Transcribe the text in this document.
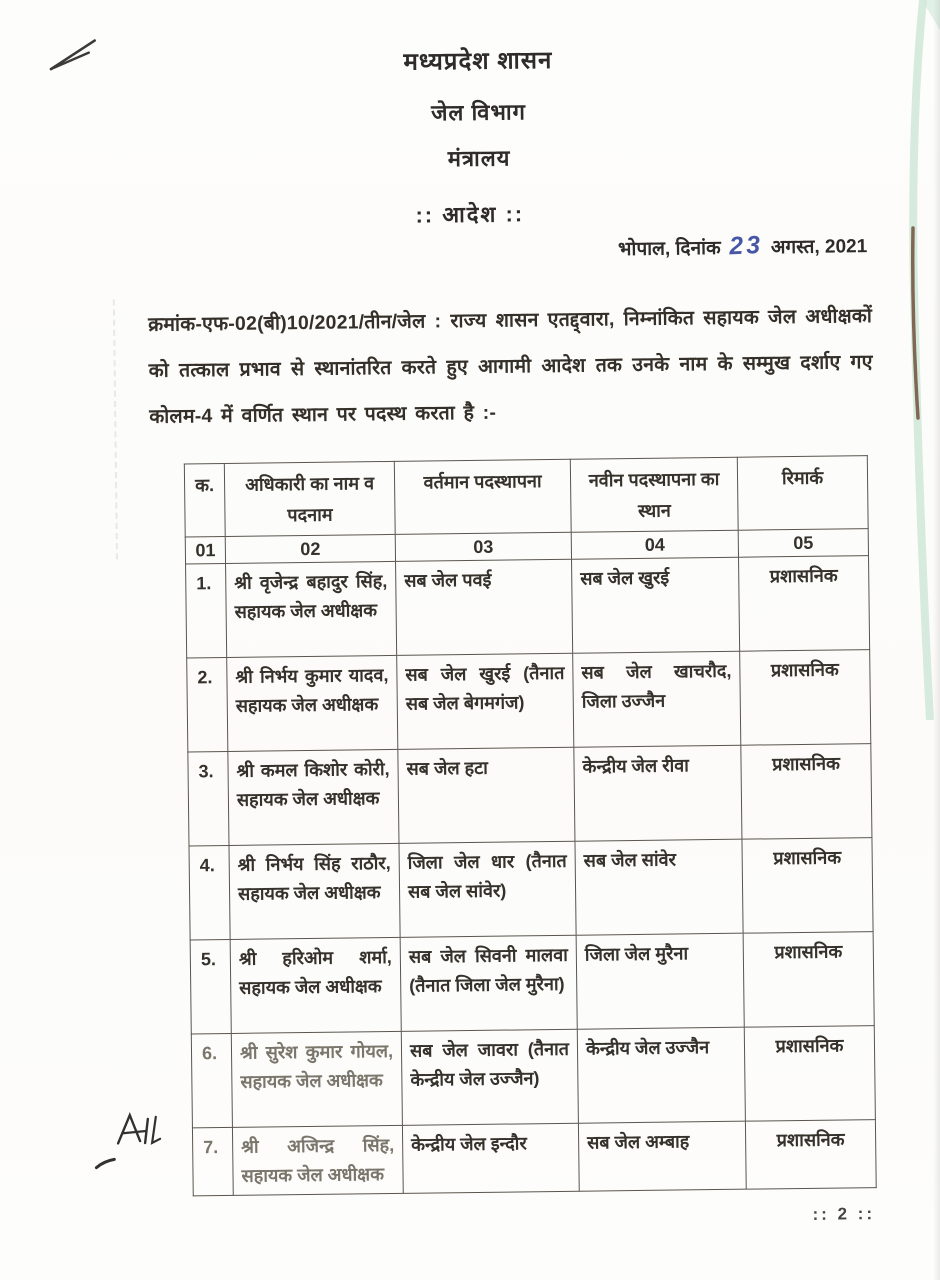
मध्यप्रदेश शासन
जेल विभाग
मंत्रालय
:: आदेश ::
भोपाल, दिनांक 23 अगस्त, 2021
क्रमांक-एफ-02(बी)10/2021/तीन/जेल : राज्य शासन एतद्द्वारा, निम्नांकित सहायक जेल अधीक्षकों को तत्काल प्रभाव से स्थानांतरित करते हुए आगामी आदेश तक उनके नाम के सम्मुख दर्शाए गए कोलम-4 में वर्णित स्थान पर पदस्थ करता है :-
क.	अधिकारी का नाम व पदनाम	वर्तमान पदस्थापना	नवीन पदस्थापना का स्थान	रिमार्क
01	02	03	04	05
1.	श्री वृजेन्द्र बहादुर सिंह, सहायक जेल अधीक्षक	सब जेल पवई	सब जेल खुरई	प्रशासनिक
2.	श्री निर्भय कुमार यादव, सहायक जेल अधीक्षक	सब जेल खुरई (तैनात सब जेल बेगमगंज)	सब जेल खाचरौद, जिला उज्जैन	प्रशासनिक
3.	श्री कमल किशोर कोरी, सहायक जेल अधीक्षक	सब जेल हटा	केन्द्रीय जेल रीवा	प्रशासनिक
4.	श्री निर्भय सिंह राठौर, सहायक जेल अधीक्षक	जिला जेल धार (तैनात सब जेल सांवेर)	सब जेल सांवेर	प्रशासनिक
5.	श्री हरिओम शर्मा, सहायक जेल अधीक्षक	सब जेल सिवनी मालवा (तैनात जिला जेल मुरैना)	जिला जेल मुरैना	प्रशासनिक
6.	श्री सुरेश कुमार गोयल, सहायक जेल अधीक्षक	सब जेल जावरा (तैनात केन्द्रीय जेल उज्जैन)	केन्द्रीय जेल उज्जैन	प्रशासनिक
7.	श्री अजिन्द्र सिंह, सहायक जेल अधीक्षक	केन्द्रीय जेल इन्दौर	सब जेल अम्बाह	प्रशासनिक
:: 2 ::
